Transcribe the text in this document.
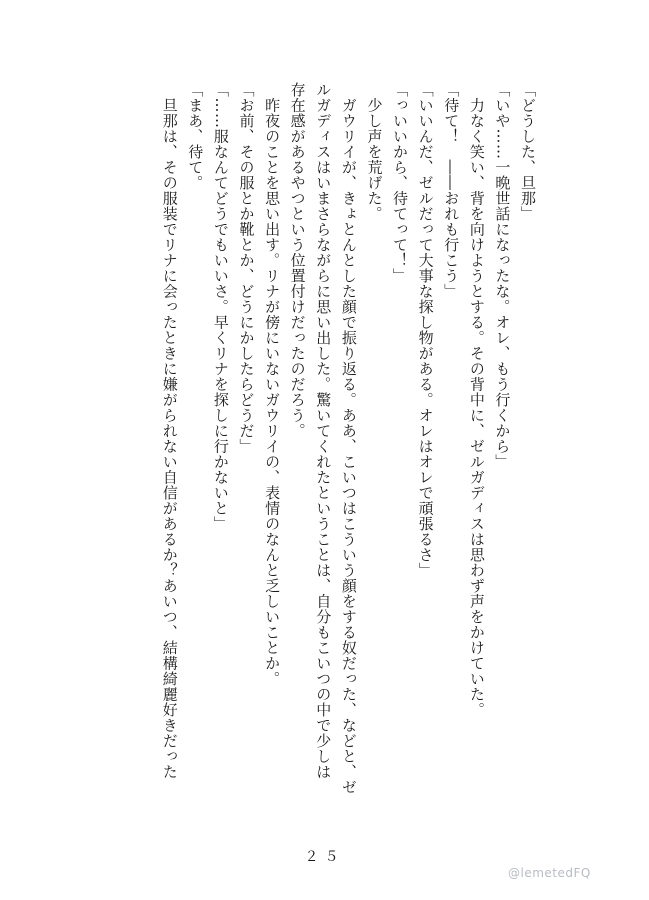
「どうした、旦那」
「いや……一晩世話になったな。オレ、もう行くから」
　力なく笑い、背を向けようとする。その背中に、ゼルガディスは思わず声をかけていた。
「待て！　――おれも行こう」
「いいんだ、ゼルだって大事な探し物がある。オレはオレで頑張るさ」
「っいいから、待てって！」
　少し声を荒げた。
　ガウリイが、きょとんとした顔で振り返る。ああ、こいつはこういう顔をする奴だった、などと、ゼ
ルガディスはいまさらながらに思い出した。驚いてくれたということは、自分もこいつの中で少しは
存在感があるやつという位置付けだったのだろう。
　昨夜のことを思い出す。リナが傍にいないガウリイの、表情のなんと乏しいことか。
「お前、その服とか靴とか、どうにかしたらどうだ」
「……服なんてどうでもいいさ。早くリナを探しに行かないと」
「まあ、待て。
　旦那は、その服装でリナに会ったときに嫌がられない自信があるか？あいつ、結構綺麗好きだった
２５
@lemetedFQ
